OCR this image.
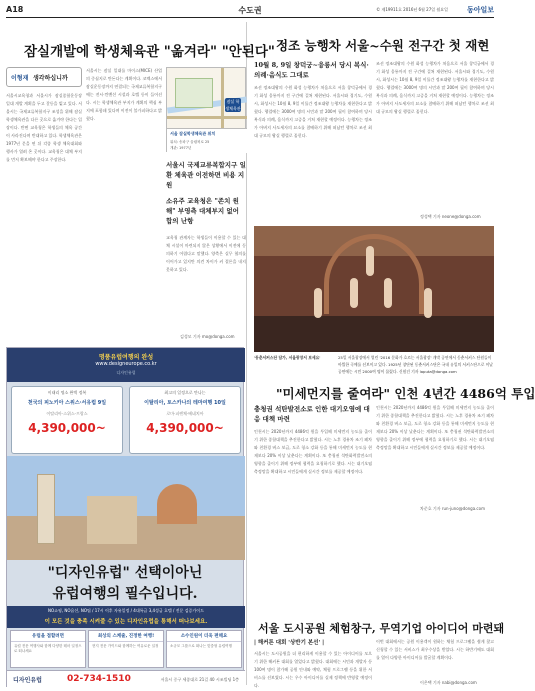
A18	수도권	© 제19911호 2016년 6월 27일 월요일	동아일보
잠실개발에 학생체육관 "옮겨라" "안된다"
이형재 생각하십니까
서울시교육청과 서울시가 잠실종합운동장 일대 개발 계획을 두고 갈등을 빚고 있다. 서울시는 국제교류복합지구 조성을 위해 잠실 학생체육관을 다른 곳으로 옮겨야 한다는 입장이다. 반면 교육청은 학생들의 체육 공간이 사라진다며 반대하고 있다. 학생체육관은 1977년 문을 연 뒤 각종 학생 체육대회와 행사가 열려 온 곳이다. 교육청은 대체 부지를 먼저 확보해야 한다고 주장한다.
서울시는 잠실 일대를 마이스(MICE) 산업의 중심지로 만든다는 계획이다. 코엑스에서 잠실운동장까지 연결되는 국제교류복합지구에는 전시·컨벤션 시설과 호텔 등이 들어선다. 시는 학생체육관 부지가 계획의 핵심 부지에 포함돼 있다며 이전이 불가피하다고 밝혔다.
잠실 학생체육관
서울 잠실학생체육관 위치
위치: 송파구 올림픽로 25
개관: 1977년
서울시 국제교류복합지구 일환 체육관 이전하면 비용 지원
소유주 교육청은 "존치 원해" 부영측 대체부지 없어 합의 난항
교육청 관계자는 학생들이 이용할 수 있는 대체 시설이 마련되지 않은 상황에서 이전에 동의하기 어렵다고 말했다. 양측은 실무 협의를 이어가고 있지만 의견 차이가 커 결론을 내지 못하고 있다.
김성모 기자 mo@donga.com
명품유럽여행의 완성
www.designeurope.co.kr
디자인유럽
이태리 명소 완벽 정복
천국의 피노키아 스위스·서유럽 9일
이탈리아·스위스·프랑스
4,390,000~
최고의 일정으로 만나는
이탈리아, 토스카나의 테마여행 10일
로마·피렌체·베네치아
4,390,000~
"디자인유럽" 선택이아닌
유럽여행의 필수입니다.
NO쇼핑, NO옵션, NO팁 / 17시 이후 자유일정 / 4대특급 3,4성급 호텔 / 전문 검증가이드
이 모든 것을 충족 시켜줄 수 있는 디자인유럽을 통해서 떠나보세요.
유럽을 접할려면
유럽 전문 여행사와 함께 다양한 테마 일정으로 떠나세요
최상의 스케줄, 진정한 여행!
현지 전문 가이드와 함께하는 여유로운 일정
소수인원이 더욱 편해요
소규모 그룹으로 떠나는 맞춤형 유럽여행
디자인유럽	02-734-1510	서울시 중구 세종대로 21길 40 시조빌딩 1층
정조 능행차 서울~수원 전구간 첫 재현
10월 8, 9일 창덕궁~융릉서 당시 복식·의례·음식도 그대로
조선 정조대왕의 수원 화성 능행차가 처음으로 서울 창덕궁에서 경기 화성 융릉까지 전 구간에 걸쳐 재현된다. 서울시와 경기도, 수원시, 화성시는 10월 8, 9일 이틀간 정조대왕 능행차를 재현한다고 밝혔다. 행렬에는 3000여 명의 시민과 말 200여 필이 참여하며 당시 복식과 의례, 음식까지 고증을 거쳐 재현할 예정이다. 능행차는 정조가 아버지 사도세자의 묘소를 참배하기 위해 떠났던 행차로 조선 최대 규모의 왕실 행렬로 꼽힌다.
조선 정조대왕의 수원 화성 능행차가 처음으로 서울 창덕궁에서 경기 화성 융릉까지 전 구간에 걸쳐 재현된다. 서울시와 경기도, 수원시, 화성시는 10월 8, 9일 이틀간 정조대왕 능행차를 재현한다고 밝혔다. 행렬에는 3000여 명의 시민과 말 200여 필이 참여하며 당시 복식과 의례, 음식까지 고증을 거쳐 재현할 예정이다. 능행차는 정조가 아버지 사도세자의 묘소를 참배하기 위해 떠났던 행차로 조선 최대 규모의 왕실 행렬로 꼽힌다.
정성택 기자 neone@donga.com
'동춘서커스단 담가, 서울광장서 보세요'	25일 서울광장에서 열린 '2016 문화가 흐르는 서울광장' 개막 공연에서 동춘서커스 단원들이 아찔한 곡예를 선보이고 있다. 1925년 창단된 동춘서커스단은 국내 유일의 서커스단으로 이날 공연에는 시민 2000여 명이 몰렸다. 신원건 기자 laputa@donga.com
"미세먼지를 줄여라" 인천 4년간 4486억 투입
충청권 석탄발전소로 인한 대기오염에 대응 대책 마련
인천시는 2020년까지 4486억 원을 투입해 미세먼지 농도를 줄이기 위한 종합대책을 추진한다고 밝혔다. 시는 노후 경유차 조기 폐차와 친환경 버스 보급, 도로 청소 강화 등을 통해 미세먼지 농도를 현재보다 20% 이상 낮춘다는 계획이다. 또 충청권 석탄화력발전소의 영향을 줄이기 위해 정부에 협력을 요청하기로 했다. 시는 대기오염 측정망을 확대하고 시민들에게 실시간 정보를 제공할 예정이다.
인천시는 2020년까지 4486억 원을 투입해 미세먼지 농도를 줄이기 위한 종합대책을 추진한다고 밝혔다. 시는 노후 경유차 조기 폐차와 친환경 버스 보급, 도로 청소 강화 등을 통해 미세먼지 농도를 현재보다 20% 이상 낮춘다는 계획이다. 또 충청권 석탄화력발전소의 영향을 줄이기 위해 정부에 협력을 요청하기로 했다. 시는 대기오염 측정망을 확대하고 시민들에게 실시간 정보를 제공할 예정이다.
차준호 기자 run-juno@donga.com
서울 도시공원 체험창구, 무역기업 아이디어 마련돼
| 해커톤 대회 '상반기 본선' |
서울시는 도시공원을 더 편리하게 이용할 수 있는 아이디어를 모으기 위한 해커톤 대회를 열었다고 밝혔다. 대회에는 시민과 개발자 등 100여 명이 참가해 공원 안내와 예약, 체험 프로그램 등을 위한 서비스를 선보였다. 시는 우수 아이디어를 실제 정책에 반영할 예정이다.
이번 대회에서는 공원 이용객이 원하는 체험 프로그램을 쉽게 찾고 신청할 수 있는 서비스가 최우수상을 받았다. 시는 하반기에도 대회를 열어 다양한 아이디어를 발굴할 계획이다.
이은택 기자 nabi@donga.com
